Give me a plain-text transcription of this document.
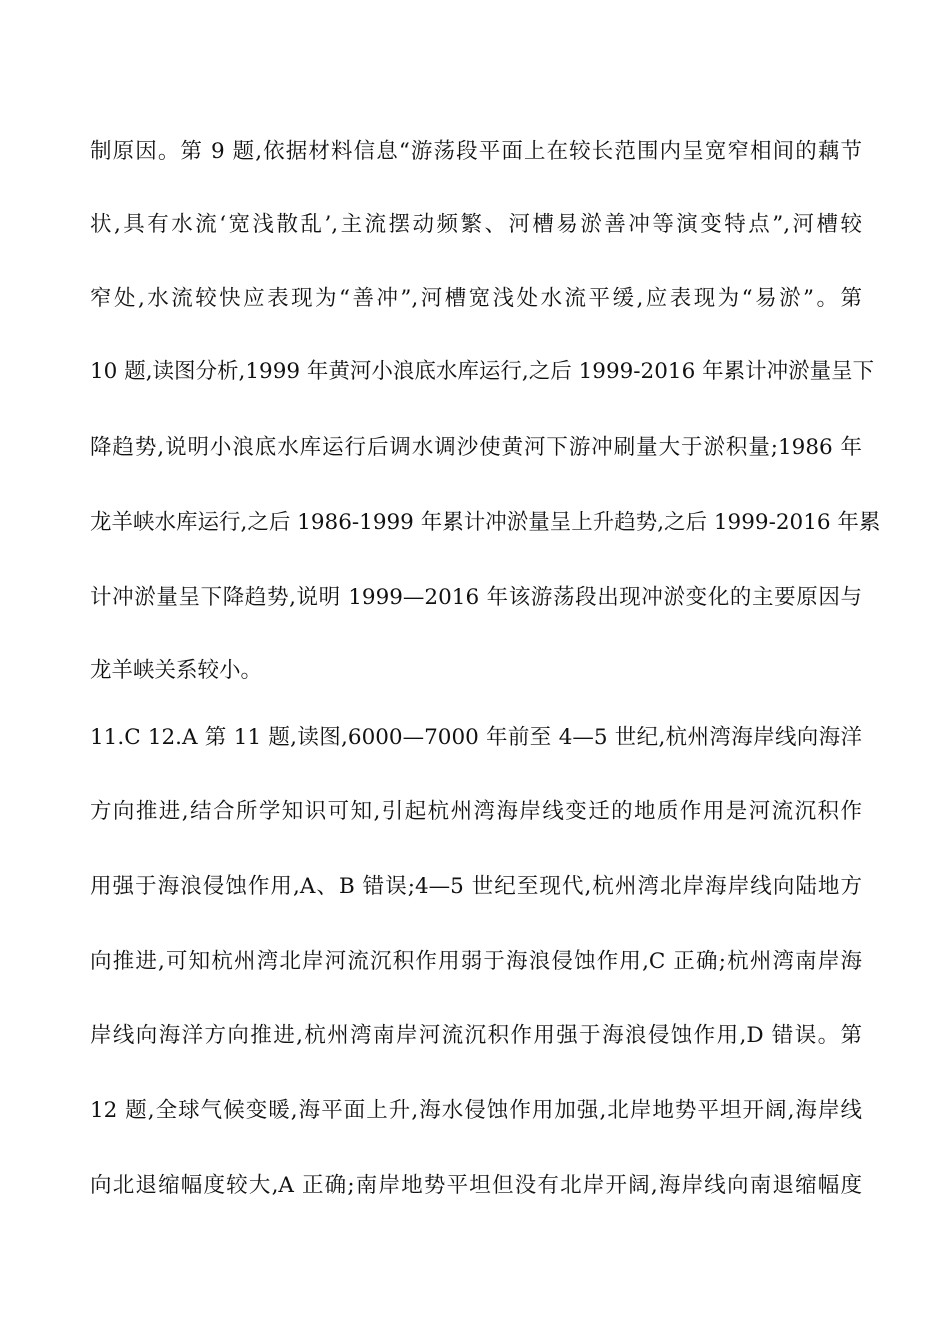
制原因。第 9 题,依据材料信息“游荡段平面上在较长范围内呈宽窄相间的藕节
状,具有水流‘宽浅散乱’,主流摆动频繁、河槽易淤善冲等演变特点”,河槽较
窄处,水流较快应表现为“善冲”,河槽宽浅处水流平缓,应表现为“易淤”。第
10 题,读图分析,1999 年黄河小浪底水库运行,之后 1999-2016 年累计冲淤量呈下
降趋势,说明小浪底水库运行后调水调沙使黄河下游冲刷量大于淤积量;1986 年
龙羊峡水库运行,之后 1986-1999 年累计冲淤量呈上升趋势,之后 1999-2016 年累
计冲淤量呈下降趋势,说明 1999—2016 年该游荡段出现冲淤变化的主要原因与
龙羊峡关系较小。
11.C 12.A 第 11 题,读图,6000—7000 年前至 4—5 世纪,杭州湾海岸线向海洋
方向推进,结合所学知识可知,引起杭州湾海岸线变迁的地质作用是河流沉积作
用强于海浪侵蚀作用,A、B 错误;4—5 世纪至现代,杭州湾北岸海岸线向陆地方
向推进,可知杭州湾北岸河流沉积作用弱于海浪侵蚀作用,C 正确;杭州湾南岸海
岸线向海洋方向推进,杭州湾南岸河流沉积作用强于海浪侵蚀作用,D 错误。第
12 题,全球气候变暖,海平面上升,海水侵蚀作用加强,北岸地势平坦开阔,海岸线
向北退缩幅度较大,A 正确;南岸地势平坦但没有北岸开阔,海岸线向南退缩幅度
